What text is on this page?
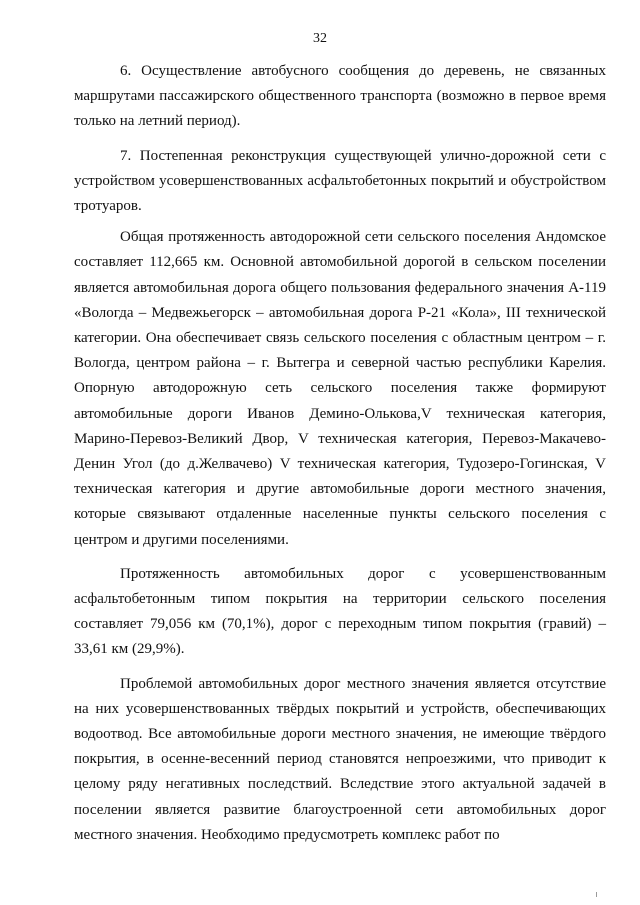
32

6. Осуществление автобусного сообщения до деревень, не связанных маршрутами пассажирского общественного транспорта (возможно в первое время только на летний период).

7. Постепенная реконструкция существующей улично-дорожной сети с устройством усовершенствованных асфальтобетонных покрытий и обустройством тротуаров.

Общая протяженность автодорожной сети сельского поселения Андомское составляет 112,665 км. Основной автомобильной дорогой в сельском поселении является автомобильная дорога общего пользования федерального значения А-119 «Вологда – Медвежьегорск – автомобильная дорога Р-21 «Кола», III технической категории. Она обеспечивает связь сельского поселения с областным центром – г. Вологда, центром района – г. Вытегра и северной частью республики Карелия. Опорную автодорожную сеть сельского поселения также формируют автомобильные дороги Иванов Демино-Олькова,V техническая категория, Марино-Перевоз-Великий Двор, V техническая категория, Перевоз-Макачево-Денин Угол (до д.Желвачево) V техническая категория, Тудозеро-Гогинская, V техническая категория и другие автомобильные дороги местного значения, которые связывают отдаленные населенные пункты сельского поселения с центром и другими поселениями.

Протяженность автомобильных дорог с усовершенствованным асфальтобетонным типом покрытия на территории сельского поселения составляет 79,056 км (70,1%), дорог с переходным типом покрытия (гравий) – 33,61 км (29,9%).

Проблемой автомобильных дорог местного значения является отсутствие на них усовершенствованных твёрдых покрытий и устройств, обеспечивающих водоотвод. Все автомобильные дороги местного значения, не имеющие твёрдого покрытия, в осенне-весенний период становятся непроезжими, что приводит к целому ряду негативных последствий. Вследствие этого актуальной задачей в поселении является развитие благоустроенной сети автомобильных дорог местного значения. Необходимо предусмотреть комплекс работ по
